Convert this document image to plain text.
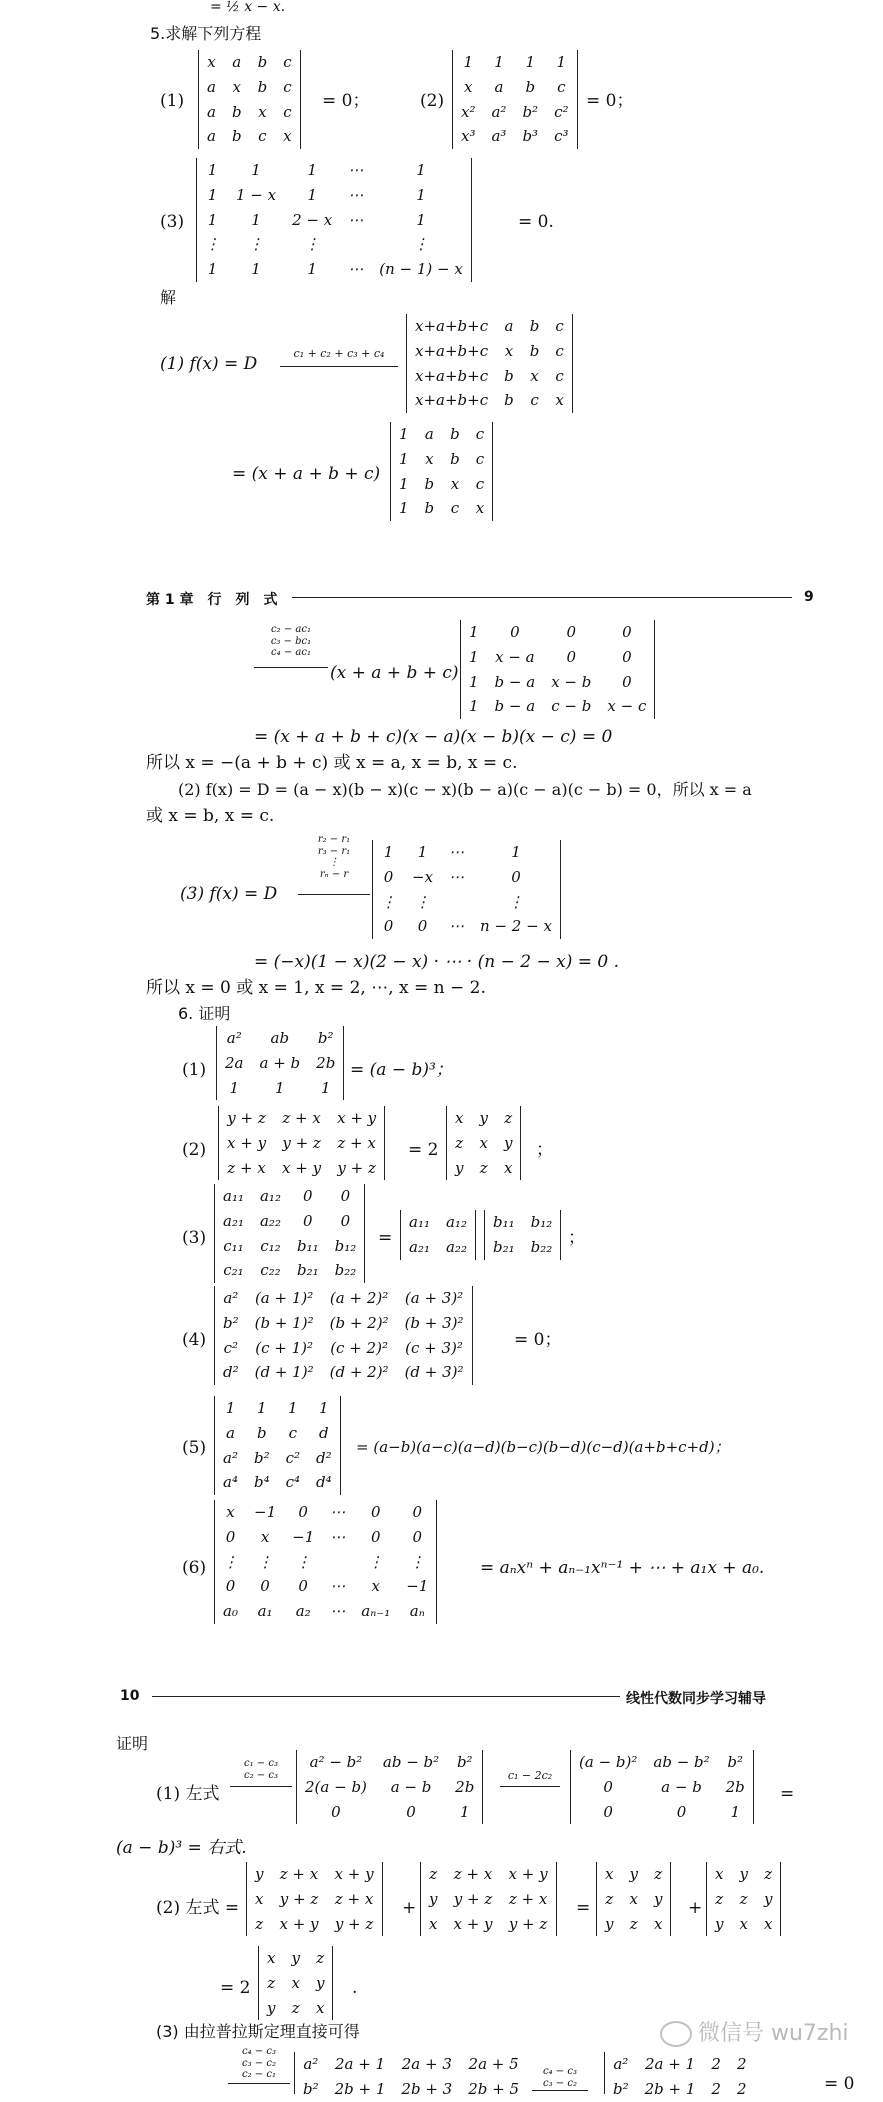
= ½ x − x.
5.求解下列方程
(1)
x	a	b	c
a	x	b	c
a	b	x	c
a	b	c	x
= 0；	(2)
1	1	1	1
x	a	b	c
x²	a²	b²	c²
x³	a³	b³	c³
= 0；
(3)
1	1	1	⋯	1
1	1 − x	1	⋯	1
1	1	2 − x	⋯	1
⋮	⋮	⋮		⋮
1	1	1	⋯	(n − 1) − x
= 0.
解
(1) f(x) = D
c₁ + c₂ + c₃ + c₄
x+a+b+c	a	b	c
x+a+b+c	x	b	c
x+a+b+c	b	x	c
x+a+b+c	b	c	x
= (x + a + b + c)
1	a	b	c
1	x	b	c
1	b	x	c
1	b	c	x
第 1 章　行　列　式	9
c₂ − ac₁
c₃ − bc₁
c₄ − ac₁
(x + a + b + c)
1	0	0	0
1	x − a	0	0
1	b − a	x − b	0
1	b − a	c − b	x − c
= (x + a + b + c)(x − a)(x − b)(x − c) = 0
所以 x = −(a + b + c) 或 x = a, x = b, x = c.
(2) f(x) = D = (a − x)(b − x)(c − x)(b − a)(c − a)(c − b) = 0，所以 x = a
或 x = b, x = c.
r₂ − r₁
r₃ − r₁
⋮
rₙ − r
(3) f(x) = D
1	1	⋯	1
0	−x	⋯	0
⋮	⋮		⋮
0	0	⋯	n − 2 − x
= (−x)(1 − x)(2 − x) · ⋯ · (n − 2 − x) = 0 .
所以 x = 0 或 x = 1, x = 2, ⋯, x = n − 2.
6. 证明
(1)
a²	ab	b²
2a	a + b	2b
1	1	1
= (a − b)³；
(2)
y + z	z + x	x + y
x + y	y + z	z + x
z + x	x + y	y + z
= 2
x	y	z
z	x	y
y	z	x
；
(3)
a₁₁	a₁₂	0	0
a₂₁	a₂₂	0	0
c₁₁	c₁₂	b₁₁	b₁₂
c₂₁	c₂₂	b₂₁	b₂₂
=
a₁₁	a₁₂
a₂₁	a₂₂
b₁₁	b₁₂
b₂₁	b₂₂ ；
(4)
a²	(a + 1)²	(a + 2)²	(a + 3)²
b²	(b + 1)²	(b + 2)²	(b + 3)²
c²	(c + 1)²	(c + 2)²	(c + 3)²
d²	(d + 1)²	(d + 2)²	(d + 3)²
= 0；
(5)
1	1	1	1
a	b	c	d
a²	b²	c²	d²
a⁴	b⁴	c⁴	d⁴
= (a−b)(a−c)(a−d)(b−c)(b−d)(c−d)(a+b+c+d)；
(6)
x	−1	0	⋯	0	0
0	x	−1	⋯	0	0
⋮	⋮	⋮		⋮	⋮
0	0	0	⋯	x	−1
a₀	a₁	a₂	⋯	aₙ₋₁	aₙ
= aₙxⁿ + aₙ₋₁xⁿ⁻¹ + ⋯ + a₁x + a₀.
10	线性代数同步学习辅导
证明
(1) 左式
c₁ − c₃
c₂ − c₃
a² − b²	ab − b²	b²
2(a − b)	a − b	2b
0	0	1
c₁ − 2c₂
(a − b)²	ab − b²	b²
0	a − b	2b
0	0	1
=
(a − b)³ = 右式.
(2) 左式 =
y	z + x	x + y
x	y + z	z + x
z	x + y	y + z
+
z	z + x	x + y
y	y + z	z + x
x	x + y	y + z
=
x	y	z
z	x	y
y	z	x
+
x	y	z
z	z	y
y	x	x
= 2
x	y	z
z	x	y
y	z	x
.
(3) 由拉普拉斯定理直接可得
c₄ − c₃
c₃ − c₂
c₂ − c₁
a²	2a + 1	2a + 3	2a + 5
b²	2b + 1	2b + 3	2b + 5
c₄ − c₃
c₃ − c₂
a²	2a + 1	2	2
b²	2b + 1	2	2	= 0
微信号 wu7zhi
